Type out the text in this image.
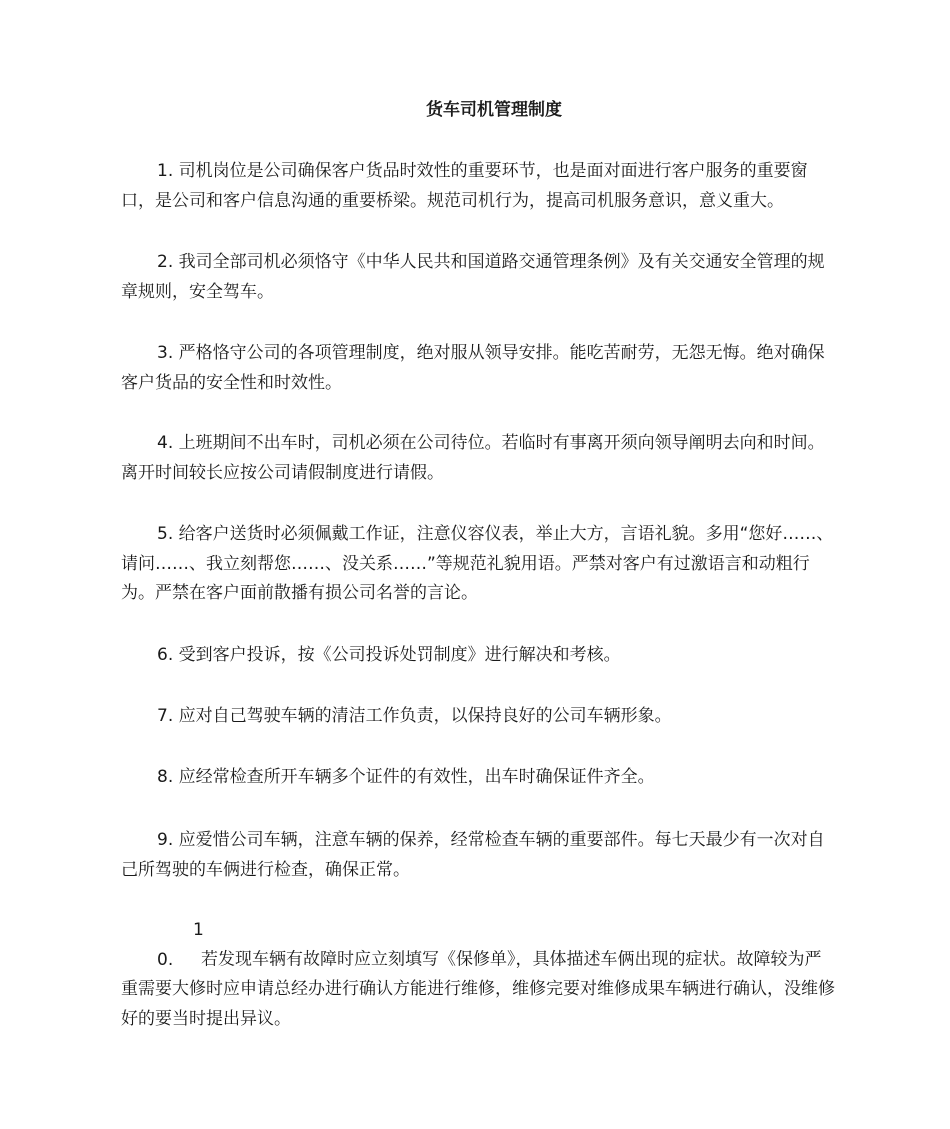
货车司机管理制度

1. 司机岗位是公司确保客户货品时效性的重要环节，也是面对面进行客户服务的重要窗口，是公司和客户信息沟通的重要桥梁。规范司机行为，提高司机服务意识，意义重大。

2. 我司全部司机必须恪守《中华人民共和国道路交通管理条例》及有关交通安全管理的规章规则，安全驾车。

3. 严格恪守公司的各项管理制度，绝对服从领导安排。能吃苦耐劳，无怨无悔。绝对确保客户货品的安全性和时效性。

4. 上班期间不出车时，司机必须在公司待位。若临时有事离开须向领导阐明去向和时间。离开时间较长应按公司请假制度进行请假。

5. 给客户送货时必须佩戴工作证，注意仪容仪表，举止大方，言语礼貌。多用“您好……、请问……、我立刻帮您……、没关系……”等规范礼貌用语。严禁对客户有过激语言和动粗行为。严禁在客户面前散播有损公司名誉的言论。

6. 受到客户投诉，按《公司投诉处罚制度》进行解决和考核。

7. 应对自己驾驶车辆的清洁工作负责，以保持良好的公司车辆形象。

8. 应经常检查所开车辆多个证件的有效性，出车时确保证件齐全。

9. 应爱惜公司车辆，注意车辆的保养，经常检查车辆的重要部件。每七天最少有一次对自己所驾驶的车俩进行检查，确保正常。

10. 若发现车辆有故障时应立刻填写《保修单》，具体描述车俩出现的症状。故障较为严重需要大修时应申请总经办进行确认方能进行维修，维修完要对维修成果车辆进行确认，没维修好的要当时提出异议。
